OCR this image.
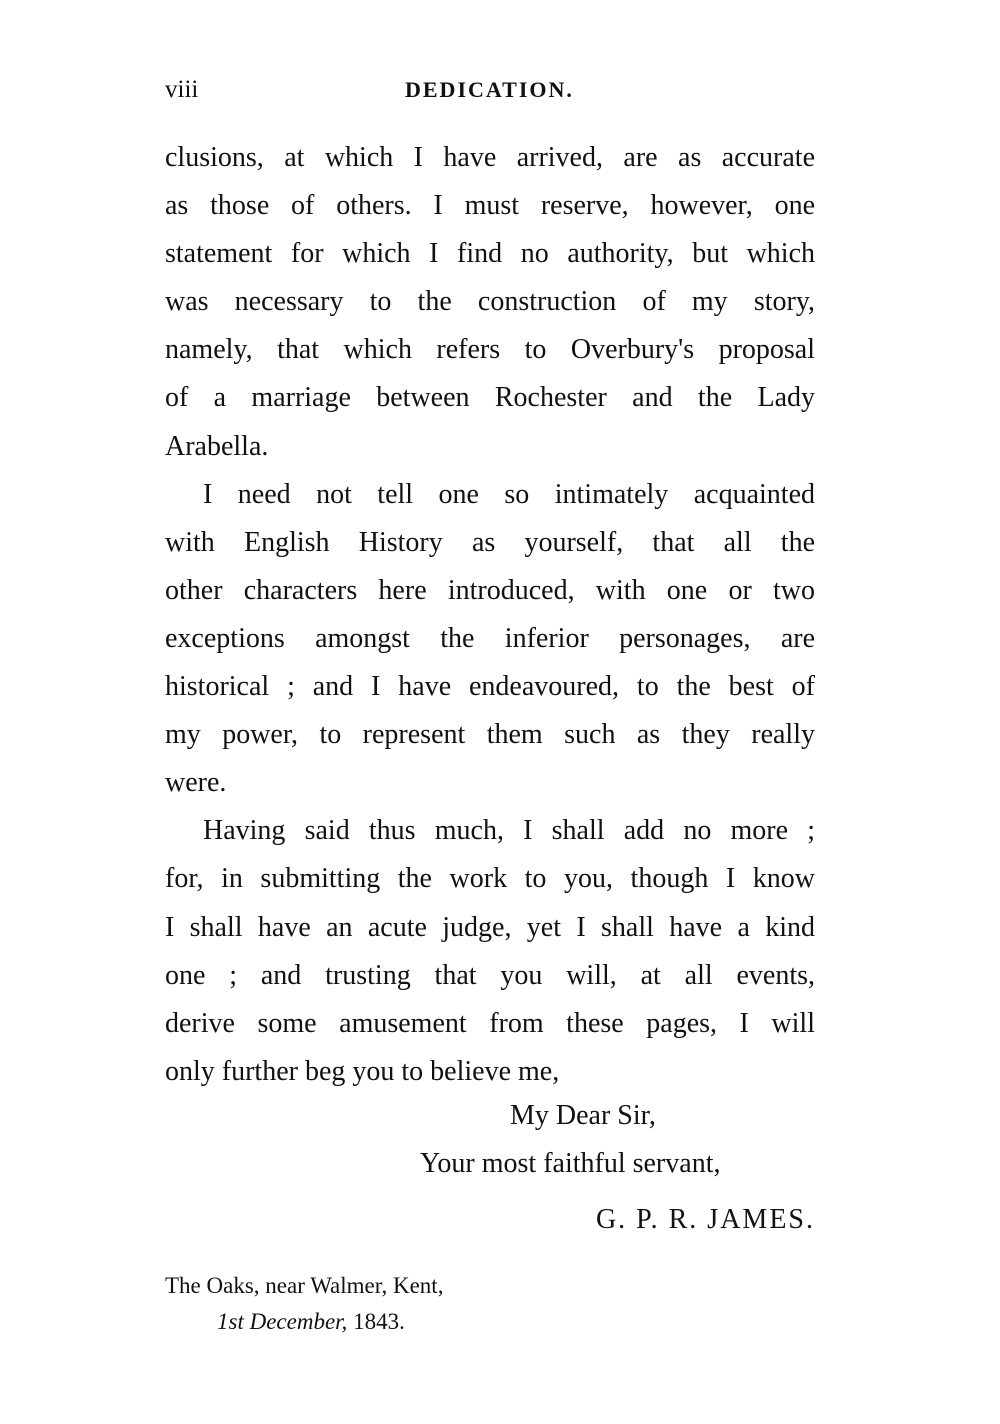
viii	DEDICATION.
clusions, at which I have arrived, are as accurate
as those of others. I must reserve, however, one
statement for which I find no authority, but which
was necessary to the construction of my story,
namely, that which refers to Overbury's proposal
of a marriage between Rochester and the Lady
Arabella.
I need not tell one so intimately acquainted
with English History as yourself, that all the
other characters here introduced, with one or two
exceptions amongst the inferior personages, are
historical ; and I have endeavoured, to the best of
my power, to represent them such as they really
were.
Having said thus much, I shall add no more ;
for, in submitting the work to you, though I know
I shall have an acute judge, yet I shall have a kind
one ; and trusting that you will, at all events,
derive some amusement from these pages, I will
only further beg you to believe me,
My Dear Sir,
Your most faithful servant,
G. P. R. JAMES.
The Oaks, near Walmer, Kent,
1st December, 1843.
